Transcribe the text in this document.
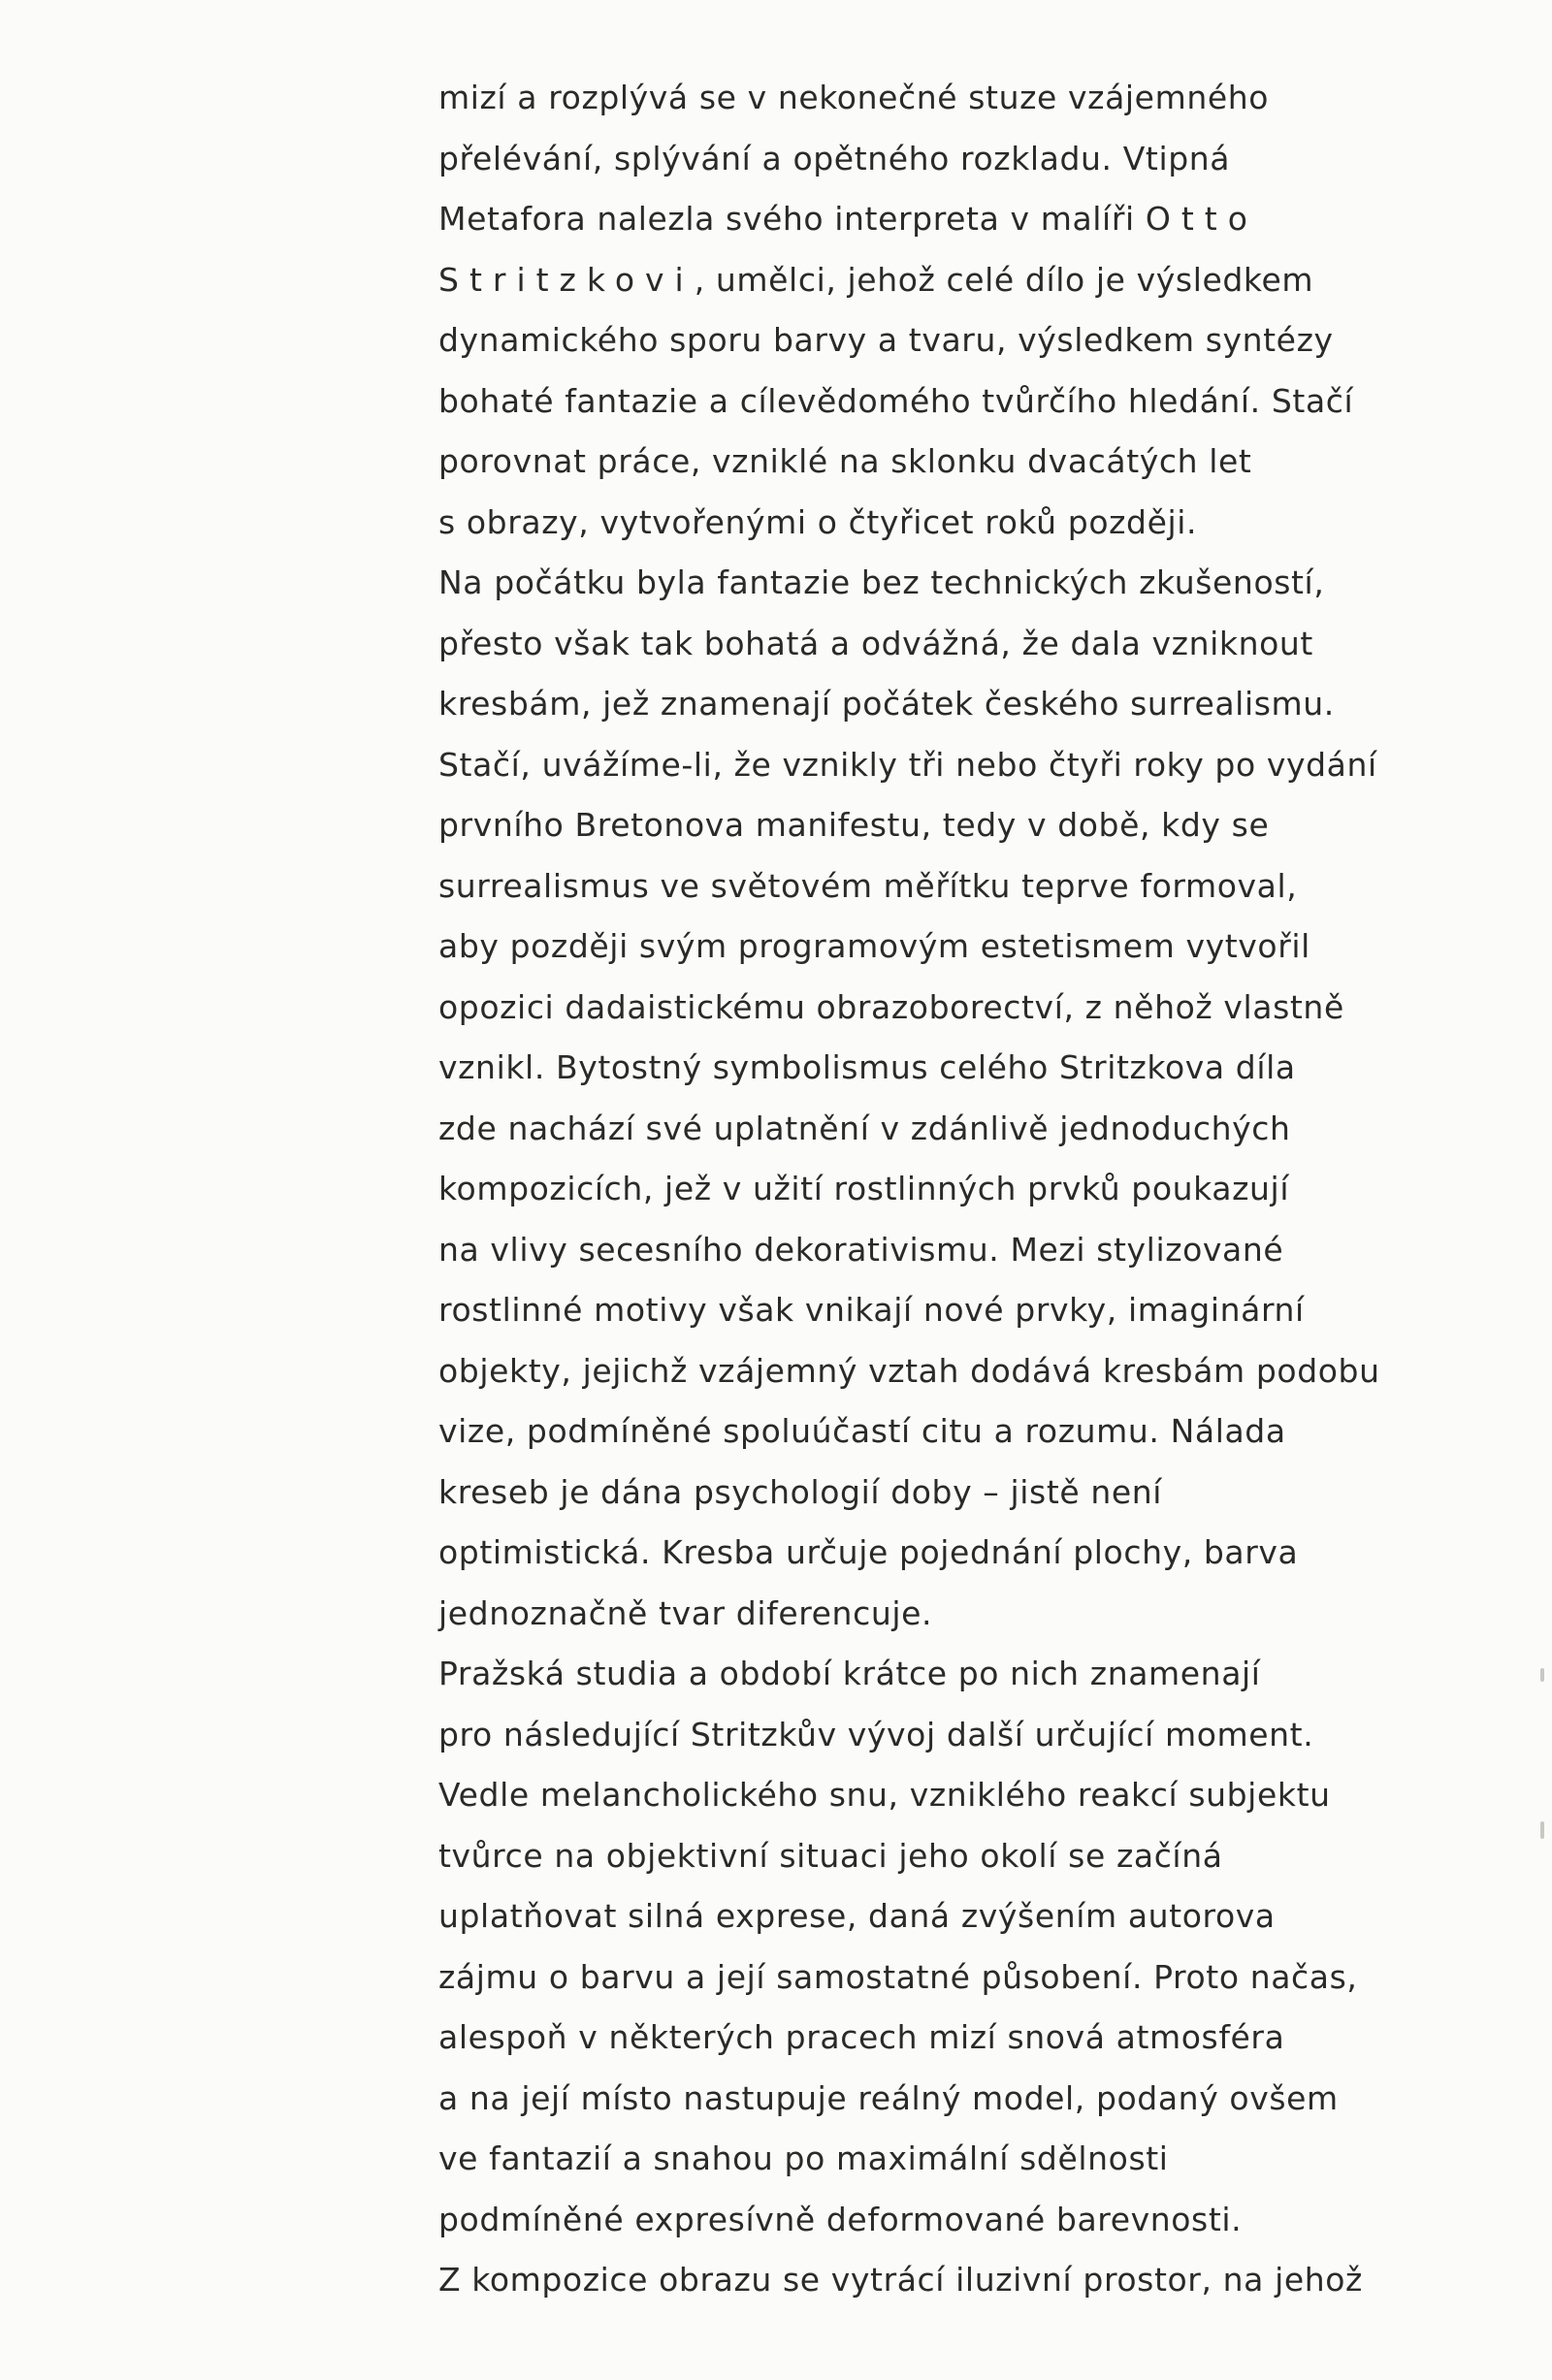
mizí a rozplývá se v nekonečné stuze vzájemného
přelévání, splývání a opětného rozkladu. Vtipná
Metafora nalezla svého interpreta v malíři Otto
Stritzkovi, umělci, jehož celé dílo je výsledkem
dynamického sporu barvy a tvaru, výsledkem syntézy
bohaté fantazie a cílevědomého tvůrčího hledání. Stačí
porovnat práce, vzniklé na sklonku dvacátých let
s obrazy, vytvořenými o čtyřicet roků později.
Na počátku byla fantazie bez technických zkušeností,
přesto však tak bohatá a odvážná, že dala vzniknout
kresbám, jež znamenají počátek českého surrealismu.
Stačí, uvážíme-li, že vznikly tři nebo čtyři roky po vydání
prvního Bretonova manifestu, tedy v době, kdy se
surrealismus ve světovém měřítku teprve formoval,
aby později svým programovým estetismem vytvořil
opozici dadaistickému obrazoborectví, z něhož vlastně
vznikl. Bytostný symbolismus celého Stritzkova díla
zde nachází své uplatnění v zdánlivě jednoduchých
kompozicích, jež v užití rostlinných prvků poukazují
na vlivy secesního dekorativismu. Mezi stylizované
rostlinné motivy však vnikají nové prvky, imaginární
objekty, jejichž vzájemný vztah dodává kresbám podobu
vize, podmíněné spoluúčastí citu a rozumu. Nálada
kreseb je dána psychologií doby – jistě není
optimistická. Kresba určuje pojednání plochy, barva
jednoznačně tvar diferencuje.
Pražská studia a období krátce po nich znamenají
pro následující Stritzkův vývoj další určující moment.
Vedle melancholického snu, vzniklého reakcí subjektu
tvůrce na objektivní situaci jeho okolí se začíná
uplatňovat silná exprese, daná zvýšením autorova
zájmu o barvu a její samostatné působení. Proto načas,
alespoň v některých pracech mizí snová atmosféra
a na její místo nastupuje reálný model, podaný ovšem
ve fantazií a snahou po maximální sdělnosti
podmíněné expresívně deformované barevnosti.
Z kompozice obrazu se vytrácí iluzivní prostor, na jehož
